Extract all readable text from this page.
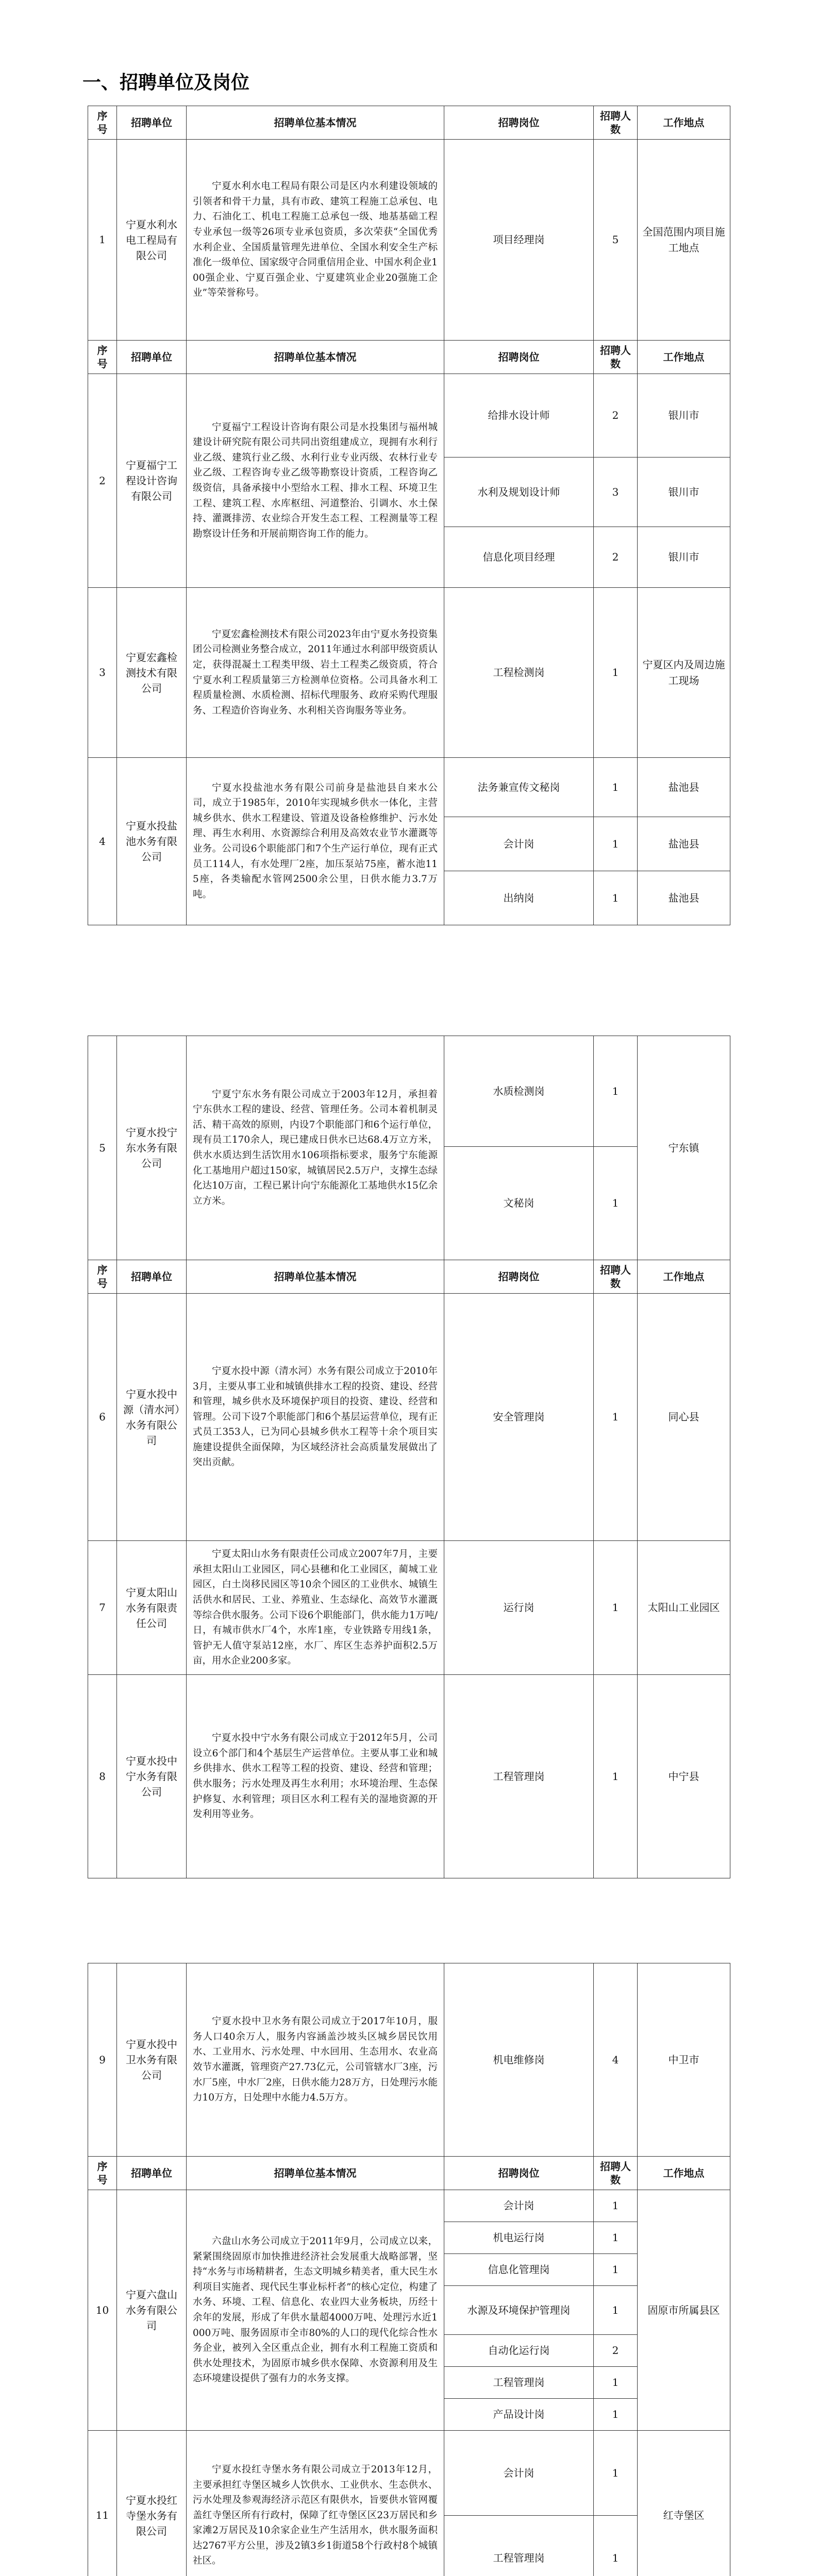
一、招聘单位及岗位
序号	招聘单位	招聘单位基本情况	招聘岗位	招聘人数	工作地点
1	宁夏水利水电工程局有限公司	宁夏水利水电工程局有限公司是区内水利建设领域的引领者和骨干力量，具有市政、建筑工程施工总承包、电力、石油化工、机电工程施工总承包一级、地基基础工程专业承包一级等26项专业承包资质，多次荣获“全国优秀水利企业、全国质量管理先进单位、全国水利安全生产标准化一级单位、国家级守合同重信用企业、中国水利企业100强企业、宁夏百强企业、宁夏建筑业企业20强施工企业”等荣誉称号。	项目经理岗	5	全国范围内项目施工地点
序号	招聘单位	招聘单位基本情况	招聘岗位	招聘人数	工作地点
2	宁夏福宁工程设计咨询有限公司	宁夏福宁工程设计咨询有限公司是水投集团与福州城建设计研究院有限公司共同出资组建成立，现拥有水利行业乙级、建筑行业乙级、水利行业专业丙级、农林行业专业乙级、工程咨询专业乙级等勘察设计资质，工程咨询乙级资信，具备承接中小型给水工程、排水工程、环境卫生工程、建筑工程、水库枢纽、河道整治、引调水、水土保持、灌溉排涝、农业综合开发生态工程、工程测量等工程勘察设计任务和开展前期咨询工作的能力。	给排水设计师	2	银川市
			水利及规划设计师	3	银川市
			信息化项目经理	2	银川市
3	宁夏宏鑫检测技术有限公司	宁夏宏鑫检测技术有限公司2023年由宁夏水务投资集团公司检测业务整合成立，2011年通过水利部甲级资质认定，获得混凝土工程类甲级、岩土工程类乙级资质，符合宁夏水利工程质量第三方检测单位资格。公司具备水利工程质量检测、水质检测、招标代理服务、政府采购代理服务、工程造价咨询业务、水利相关咨询服务等业务。	工程检测岗	1	宁夏区内及周边施工现场
4	宁夏水投盐池水务有限公司	宁夏水投盐池水务有限公司前身是盐池县自来水公司，成立于1985年，2010年实现城乡供水一体化，主营城乡供水、供水工程建设、管道及设备检修维护、污水处理、再生水利用、水资源综合利用及高效农业节水灌溉等业务。公司设6个职能部门和7个生产运行单位，现有正式员工114人，有水处理厂2座，加压泵站75座，蓄水池115座，各类输配水管网2500余公里，日供水能力3.7万吨。	法务兼宣传文秘岗	1	盐池县
			会计岗	1	盐池县
			出纳岗	1	盐池县
5	宁夏水投宁东水务有限公司	宁夏宁东水务有限公司成立于2003年12月，承担着宁东供水工程的建设、经营、管理任务。公司本着机制灵活、精干高效的原则，内设7个职能部门和6个运行单位，现有员工170余人，现已建成日供水已达68.4万立方米，供水水质达到生活饮用水106项指标要求，服务宁东能源化工基地用户超过150家，城镇居民2.5万户，支撑生态绿化达10万亩，工程已累计向宁东能源化工基地供水15亿余立方米。	水质检测岗	1	宁东镇
			文秘岗	1	
序号	招聘单位	招聘单位基本情况	招聘岗位	招聘人数	工作地点
6	宁夏水投中源（清水河）水务有限公司	宁夏水投中源（清水河）水务有限公司成立于2010年3月，主要从事工业和城镇供排水工程的投资、建设、经营和管理，城乡供水及环境保护项目的投资、建设、经营和管理。公司下设7个职能部门和6个基层运营单位，现有正式员工353人，已为同心县城乡供水工程等十余个项目实施建设提供全面保障，为区域经济社会高质量发展做出了突出贡献。	安全管理岗	1	同心县
7	宁夏太阳山水务有限责任公司	宁夏太阳山水务有限责任公司成立2007年7月，主要承担太阳山工业园区，同心县穗和化工业园区，蔺城工业园区，白土岗移民园区等10余个园区的工业供水、城镇生活供水和居民、工业、养殖业、生态绿化、高效节水灌溉等综合供水服务。公司下设6个职能部门，供水能力1万吨/日，有城市供水厂4个，水库1座，专业铁路专用线1条，管护无人值守泵站12座，水厂、库区生态养护面积2.5万亩，用水企业200多家。	运行岗	1	太阳山工业园区
8	宁夏水投中宁水务有限公司	宁夏水投中宁水务有限公司成立于2012年5月，公司设立6个部门和4个基层生产运营单位。主要从事工业和城乡供排水、供水工程等工程的投资、建设、经营和管理；供水服务；污水处理及再生水利用；水环境治理、生态保护修复、水利管理；项目区水利工程有关的湿地资源的开发利用等业务。	工程管理岗	1	中宁县
9	宁夏水投中卫水务有限公司	宁夏水投中卫水务有限公司成立于2017年10月，服务人口40余万人，服务内容涵盖沙坡头区城乡居民饮用水、工业用水、污水处理、中水回用、生态用水、农业高效节水灌溉，管理资产27.73亿元，公司管辖水厂3座，污水厂5座，中水厂2座，日供水能力28万方，日处理污水能力10万方，日处理中水能力4.5万方。	机电维修岗	4	中卫市
序号	招聘单位	招聘单位基本情况	招聘岗位	招聘人数	工作地点
10	宁夏六盘山水务有限公司	六盘山水务公司成立于2011年9月，公司成立以来，紧紧围绕固原市加快推进经济社会发展重大战略部署，坚持“水务与市场精耕者，生态文明城乡精美者，重大民生水利项目实施者、现代民生事业标杆者”的核心定位，构建了水务、环境、工程、信息化、农业四大业务板块，历经十余年的发展，形成了年供水量超4000万吨、处理污水近1000万吨、服务固原市全市80%的人口的现代化综合性水务企业，被列入全区重点企业，拥有水利工程施工资质和供水处理技术，为固原市城乡供水保障、水资源利用及生态环境建设提供了强有力的水务支撑。	会计岗	1	固原市所属县区
			机电运行岗	1	
			信息化管理岗	1	
			水源及环境保护管理岗	1	
			自动化运行岗	2	
			工程管理岗	1	
			产品设计岗	1	
11	宁夏水投红寺堡水务有限公司	宁夏水投红寺堡水务有限公司成立于2013年12月，主要承担红寺堡区城乡人饮供水、工业供水、生态供水、污水处理及参观海经济示范区有限供水，旨要供水管网覆盖红寺堡区所有行政村，保障了红寺堡区区23万居民和乡家滩2万居民及10余家企业生产生活用水，供水服务面积达2767平方公里，涉及2镇3乡1街道58个行政村8个城镇社区。	会计岗	1	红寺堡区
			工程管理岗	1	
